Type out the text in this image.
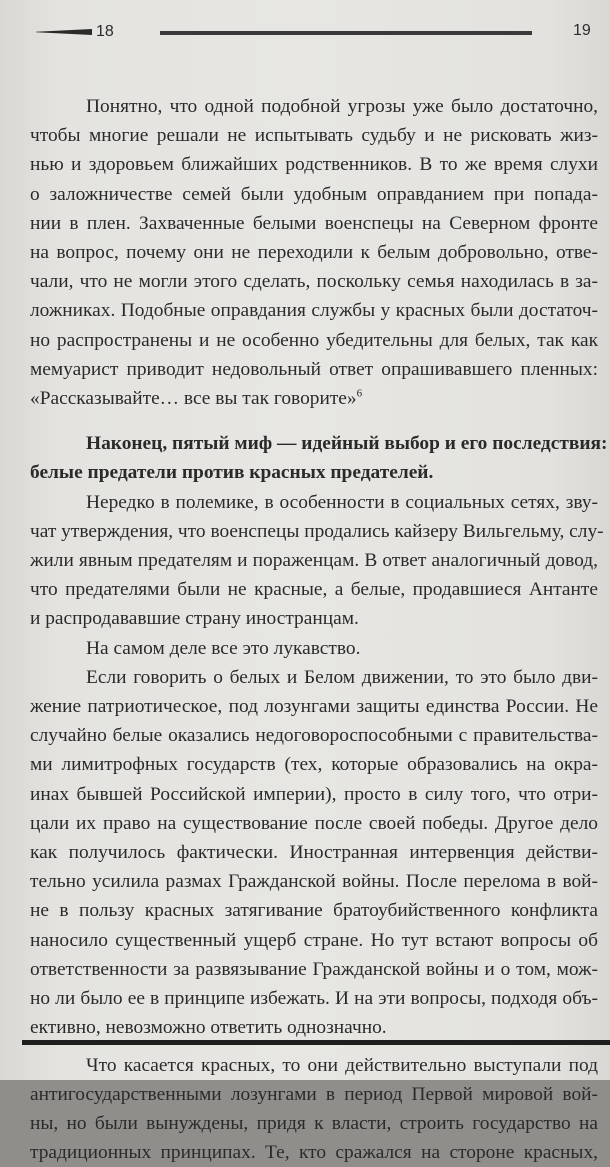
18	19
Понятно, что одной подобной угрозы уже было достаточно,
чтобы многие решали не испытывать судьбу и не рисковать жиз-
нью и здоровьем ближайших родственников. В то же время слухи
о заложничестве семей были удобным оправданием при попада-
нии в плен. Захваченные белыми военспецы на Северном фронте
на вопрос, почему они не переходили к белым добровольно, отве-
чали, что не могли этого сделать, поскольку семья находилась в за-
ложниках. Подобные оправдания службы у красных были достаточ-
но распространены и не особенно убедительны для белых, так как
мемуарист приводит недовольный ответ опрашивавшего пленных:
«Рассказывайте… все вы так говорите»$^6$
Наконец, пятый миф — идейный выбор и его последствия:
белые предатели против красных предателей.
Нередко в полемике, в особенности в социальных сетях, зву-
чат утверждения, что военспецы продались кайзеру Вильгельму, слу-
жили явным предателям и пораженцам. В ответ аналогичный довод,
что предателями были не красные, а белые, продавшиеся Антанте
и распродававшие страну иностранцам.
На самом деле все это лукавство.
Если говорить о белых и Белом движении, то это было дви-
жение патриотическое, под лозунгами защиты единства России. Не
случайно белые оказались недоговороспособными с правительства-
ми лимитрофных государств (тех, которые образовались на окра-
инах бывшей Российской империи), просто в силу того, что отри-
цали их право на существование после своей победы. Другое дело
как получилось фактически. Иностранная интервенция действи-
тельно усилила размах Гражданской войны. После перелома в вой-
не в пользу красных затягивание братоубийственного конфликта
наносило существенный ущерб стране. Но тут встают вопросы об
ответственности за развязывание Гражданской войны и о том, мож-
но ли было ее в принципе избежать. И на эти вопросы, подходя объ-
ективно, невозможно ответить однозначно.
Что касается красных, то они действительно выступали под
антигосударственными лозунгами в период Первой мировой вой-
ны, но были вынуждены, придя к власти, строить государство на
традиционных принципах. Те, кто сражался на стороне красных,
